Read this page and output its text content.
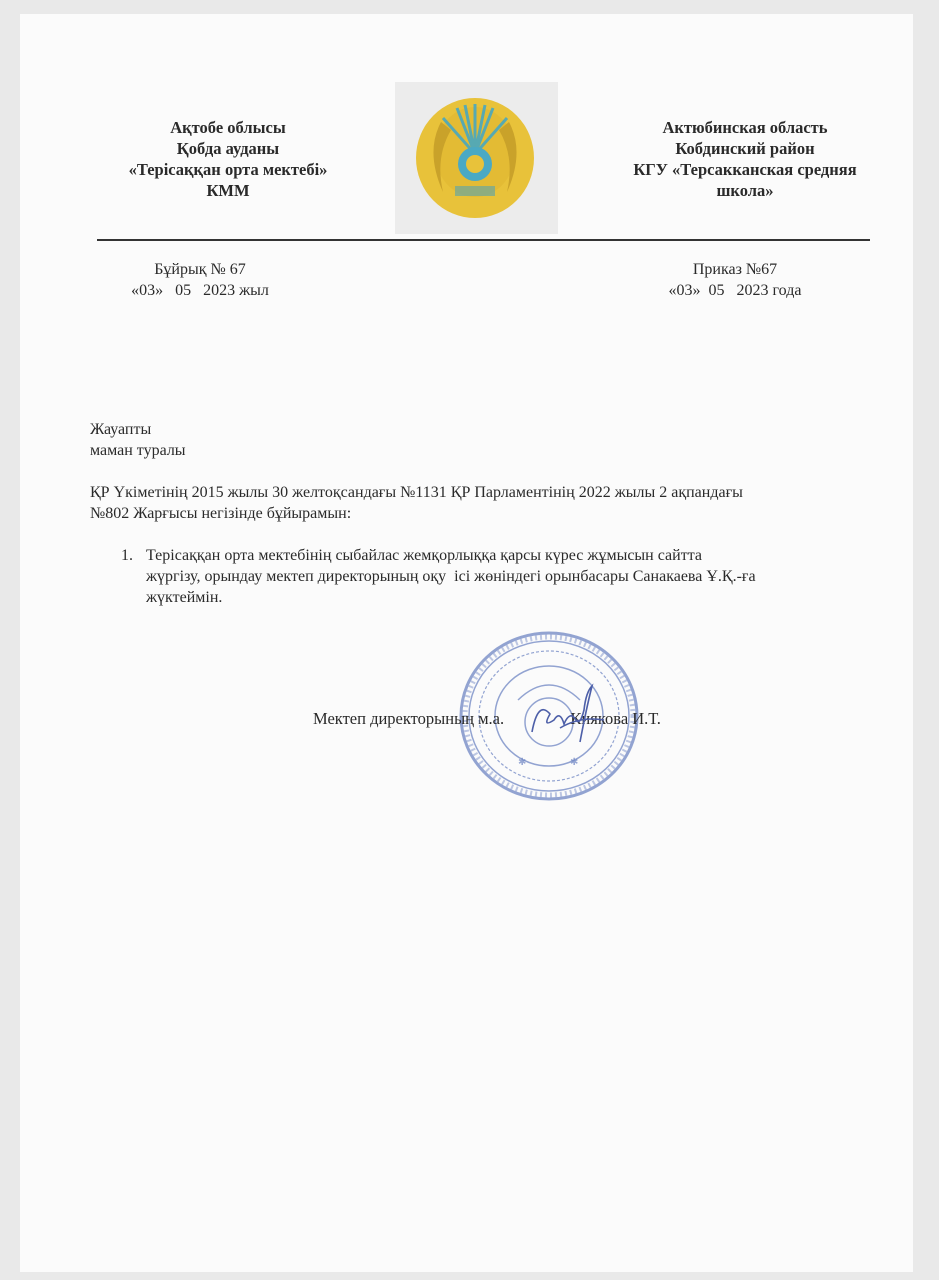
Ақтобе облысы
Қобда ауданы
«Терісаққан орта мектебі»
КММ
Актюбинская область
Кобдинский район
КГУ «Терсакканская средняя
школа»
Бұйрық № 67
«03»   05   2023 жыл
Приказ №67
«03»  05   2023 года
Жауапты
маман туралы
ҚР Үкіметінің 2015 жылы 30 желтоқсандағы №1131 ҚР Парламентінің 2022 жылы 2 ақпандағы
№802 Жарғысы негізінде бұйырамын:
1. Терісаққан орта мектебінің сыбайлас жемқорлыққа қарсы күрес жұмысын сайтта
жүргізу, орындау мектеп директорының оқу  ісі жөніндегі орынбасары Санакаева Ұ.Қ.-ға
жүктеймін.
✱	✱
Мектеп директорының м.а.	Киякова И.Т.
